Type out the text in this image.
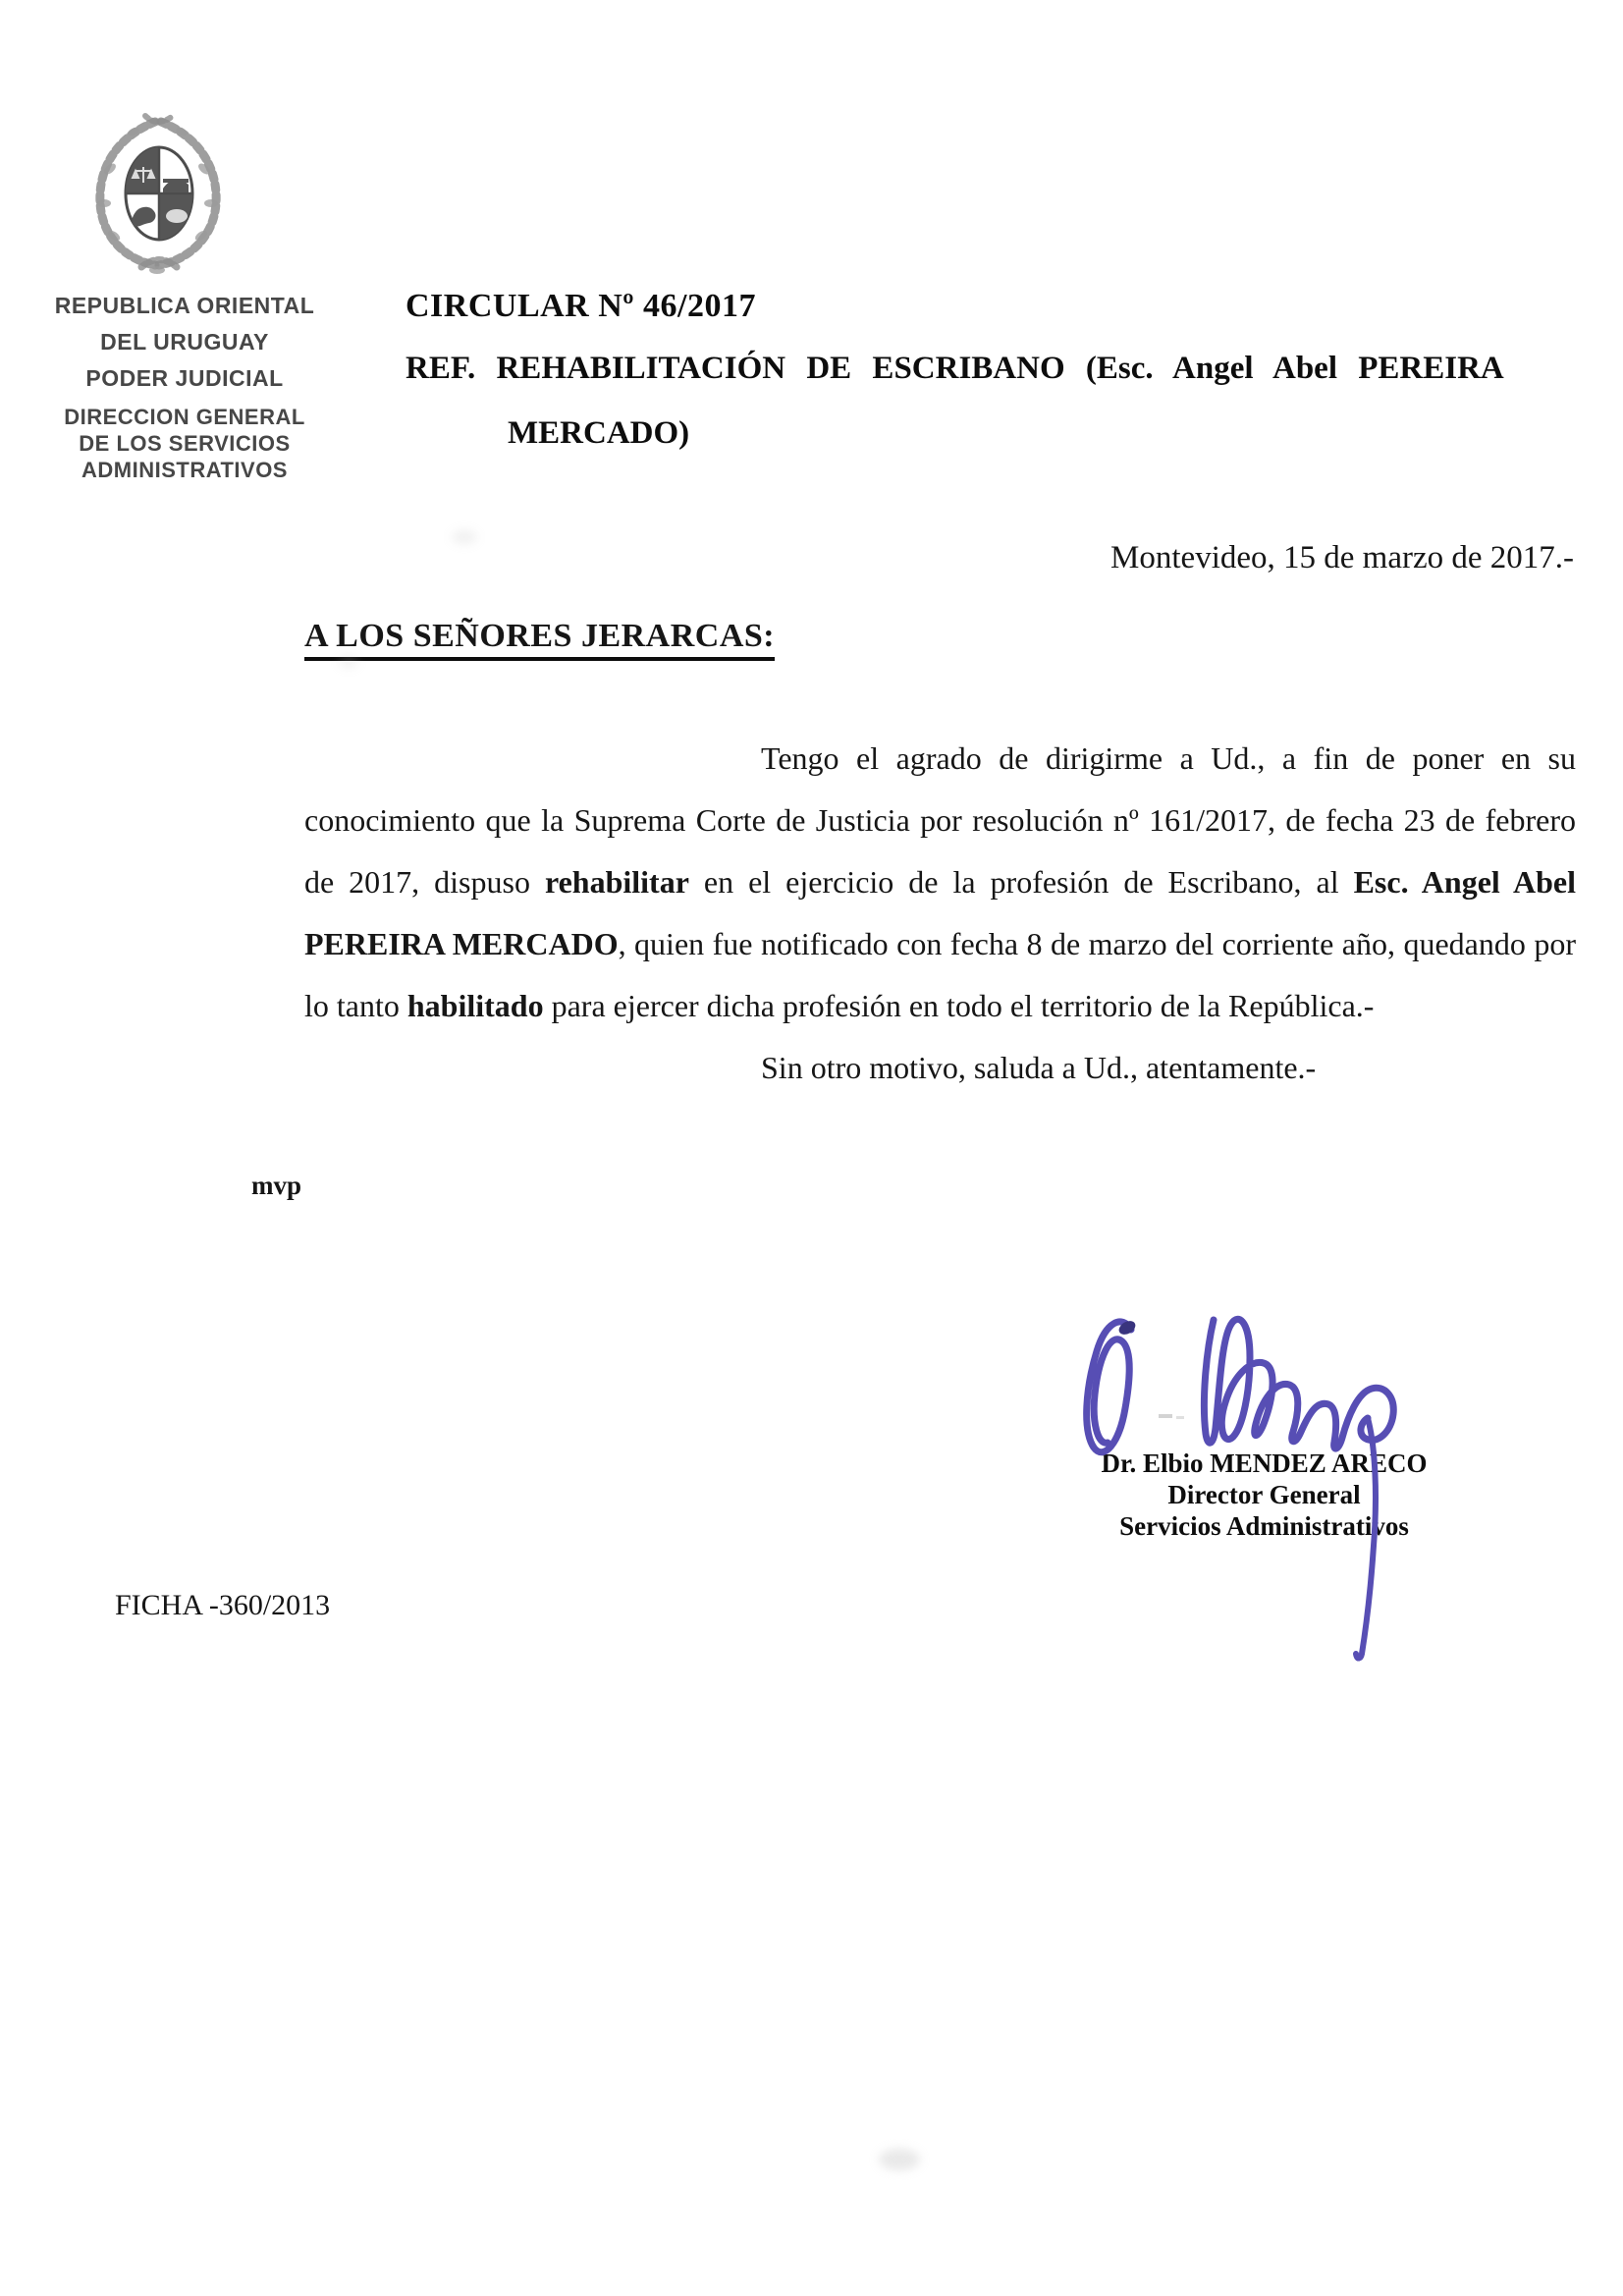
REPUBLICA ORIENTAL
DEL URUGUAY
PODER JUDICIAL
DIRECCION GENERAL
DE LOS SERVICIOS
ADMINISTRATIVOS
CIRCULAR Nº 46/2017
REF. REHABILITACIÓN DE ESCRIBANO (Esc. Angel Abel PEREIRA
MERCADO)
Montevideo, 15 de marzo de 2017.-
A LOS SEÑORES JERARCAS:

Tengo el agrado de dirigirme a Ud., a fin de poner en su conocimiento que la Suprema Corte de Justicia por resolución nº 161/2017, de fecha 23 de febrero de 2017, dispuso rehabilitar en el ejercicio de la profesión de Escribano, al Esc. Angel Abel PEREIRA MERCADO, quien fue notificado con fecha 8 de marzo del corriente año, quedando por lo tanto habilitado para ejercer dicha profesión en todo el territorio de la República.-

Sin otro motivo, saluda a Ud., atentamente.-

mvp
Dr. Elbio MENDEZ ARECO
Director General
Servicios Administrativos
FICHA -360/2013
